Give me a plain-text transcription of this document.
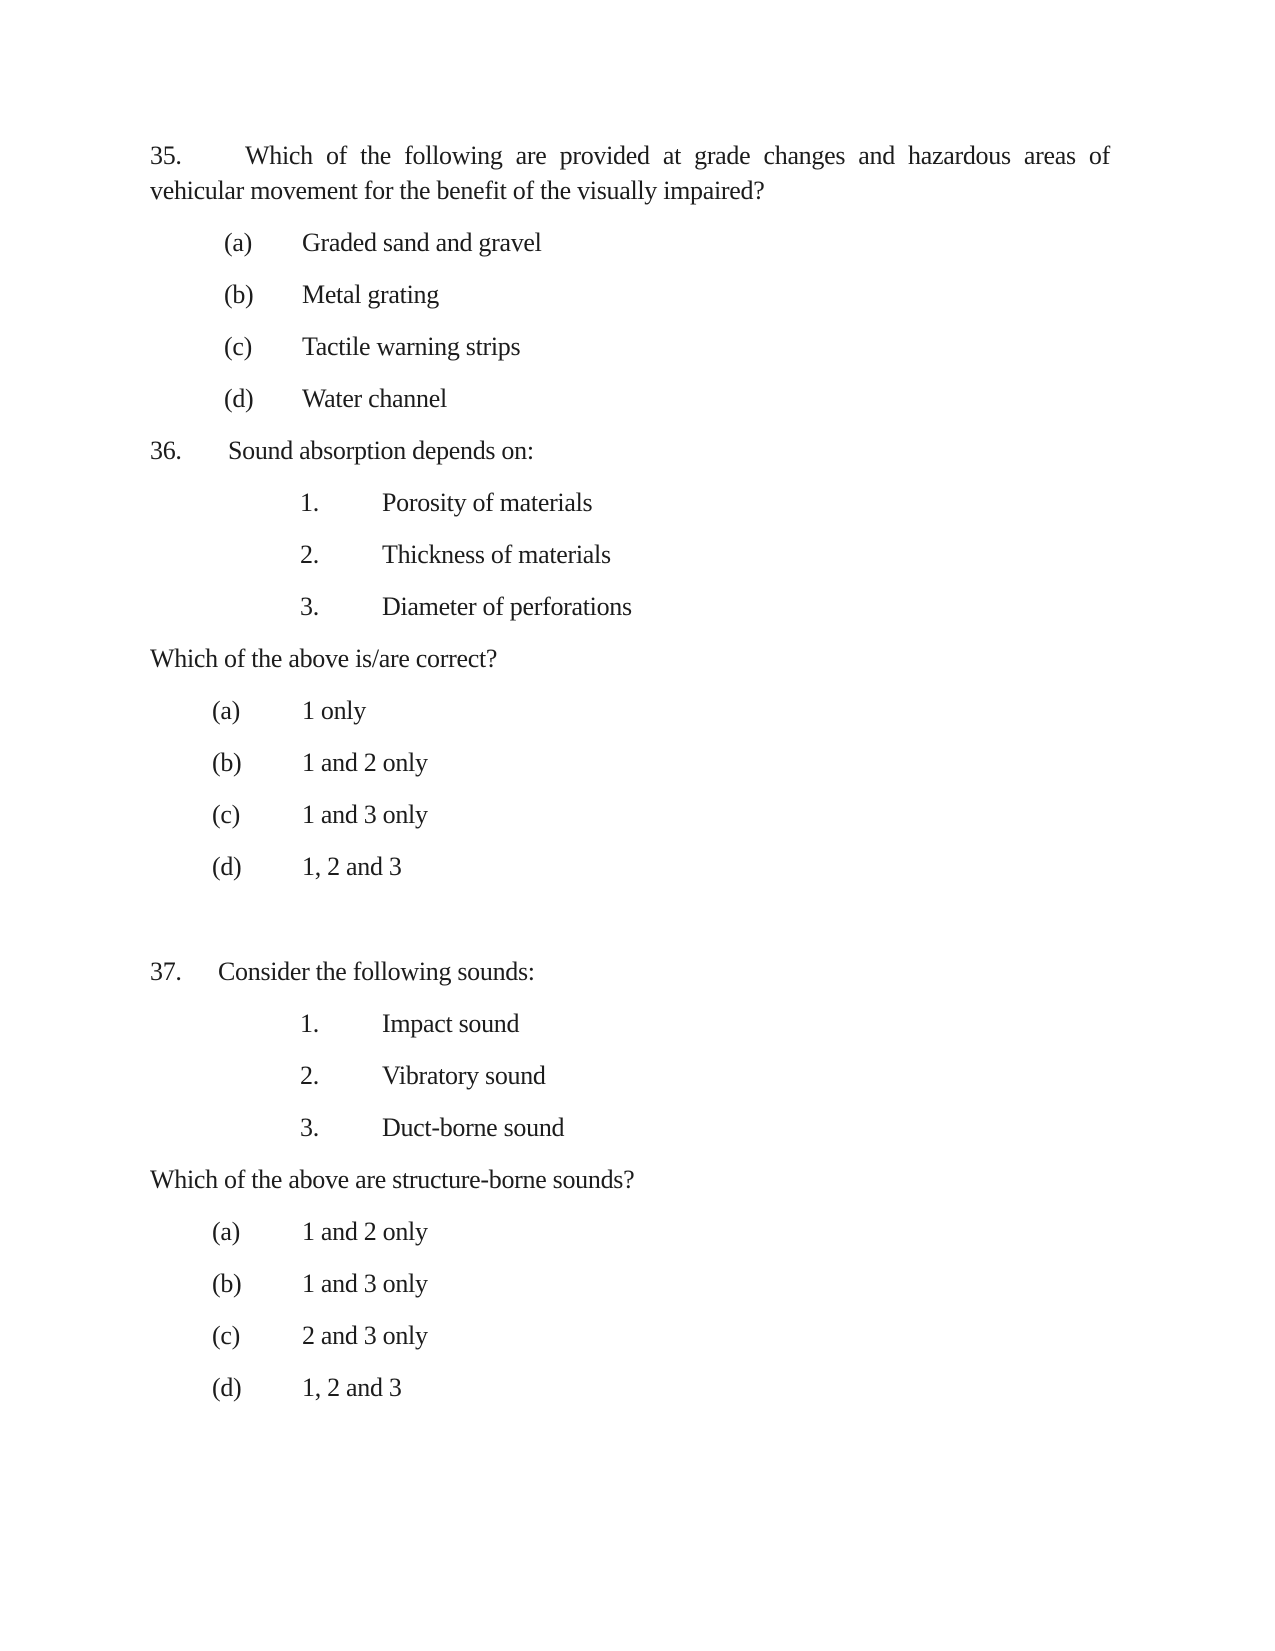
35. Which of the following are provided at grade changes and hazardous areas of vehicular movement for the benefit of the visually impaired?

(a)	Graded sand and gravel
(b)	Metal grating
(c)	Tactile warning strips
(d)	Water channel

36. Sound absorption depends on:

1.	Porosity of materials
2.	Thickness of materials
3.	Diameter of perforations

Which of the above is/are correct?

(a)	1 only
(b)	1 and 2 only
(c)	1 and 3 only
(d)	1, 2 and 3

37. Consider the following sounds:

1.	Impact sound
2.	Vibratory sound
3.	Duct-borne sound

Which of the above are structure-borne sounds?

(a)	1 and 2 only
(b)	1 and 3 only
(c)	2 and 3 only
(d)	1, 2 and 3
